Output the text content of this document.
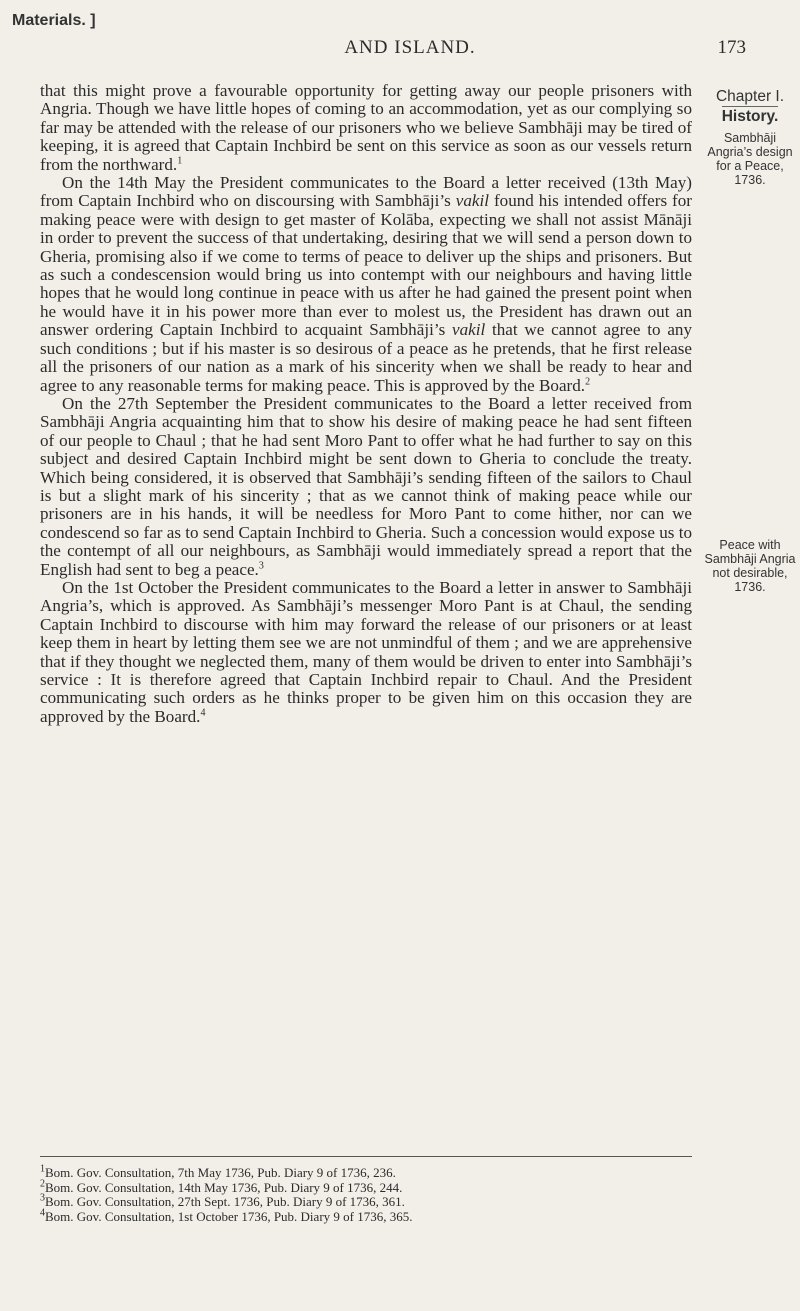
Materials. ]
AND ISLAND.	173

that this might prove a favourable opportunity for getting away our people prisoners with Angria. Though we have little hopes of coming to an accommodation, yet as our complying so far may be attended with the release of our prisoners who we believe Sambhāji may be tired of keeping, it is agreed that Captain Inchbird be sent on this service as soon as our vessels return from the northward.$^1$

On the 14th May the President communicates to the Board a letter received (13th May) from Captain Inchbird who on discoursing with Sambhāji’s vakil found his intended offers for making peace were with design to get master of Kolāba, expecting we shall not assist Mānāji in order to prevent the success of that undertaking, desiring that we will send a person down to Gheria, promising also if we come to terms of peace to deliver up the ships and prisoners. But as such a condescension would bring us into contempt with our neighbours and having little hopes that he would long continue in peace with us after he had gained the present point when he would have it in his power more than ever to molest us, the President has drawn out an answer ordering Captain Inchbird to acquaint Sambhāji’s vakil that we cannot agree to any such conditions ; but if his master is so desirous of a peace as he pretends, that he first release all the prisoners of our nation as a mark of his sincerity when we shall be ready to hear and agree to any reasonable terms for making peace. This is approved by the Board.$^2$

On the 27th September the President communicates to the Board a letter received from Sambhāji Angria acquainting him that to show his desire of making peace he had sent fifteen of our people to Chaul ; that he had sent Moro Pant to offer what he had further to say on this subject and desired Captain Inchbird might be sent down to Gheria to conclude the treaty. Which being considered, it is observed that Sambhāji’s sending fifteen of the sailors to Chaul is but a slight mark of his sincerity ; that as we cannot think of making peace while our prisoners are in his hands, it will be needless for Moro Pant to come hither, nor can we condescend so far as to send Captain Inchbird to Gheria. Such a concession would expose us to the contempt of all our neighbours, as Sambhāji would immediately spread a report that the English had sent to beg a peace.$^3$

On the 1st October the President communicates to the Board a letter in answer to Sambhāji Angria’s, which is approved. As Sambhāji’s messenger Moro Pant is at Chaul, the sending Captain Inchbird to discourse with him may forward the release of our prisoners or at least keep them in heart by letting them see we are not unmindful of them ; and we are apprehensive that if they thought we neglected them, many of them would be driven to enter into Sambhāji’s service : It is therefore agreed that Captain Inchbird repair to Chaul. And the President communicating such orders as he thinks proper to be given him on this occasion they are approved by the Board.$^4$

Chapter I.
History.
Sambhāji
Angria’s design
for a Peace,
1736.
Peace with
Sambhāji Angria
not desirable,
1736.
$^1$Bom. Gov. Consultation, 7th May 1736, Pub. Diary 9 of 1736, 236.
$^2$Bom. Gov. Consultation, 14th May 1736, Pub. Diary 9 of 1736, 244.
$^3$Bom. Gov. Consultation, 27th Sept. 1736, Pub. Diary 9 of 1736, 361.
$^4$Bom. Gov. Consultation, 1st October 1736, Pub. Diary 9 of 1736, 365.
